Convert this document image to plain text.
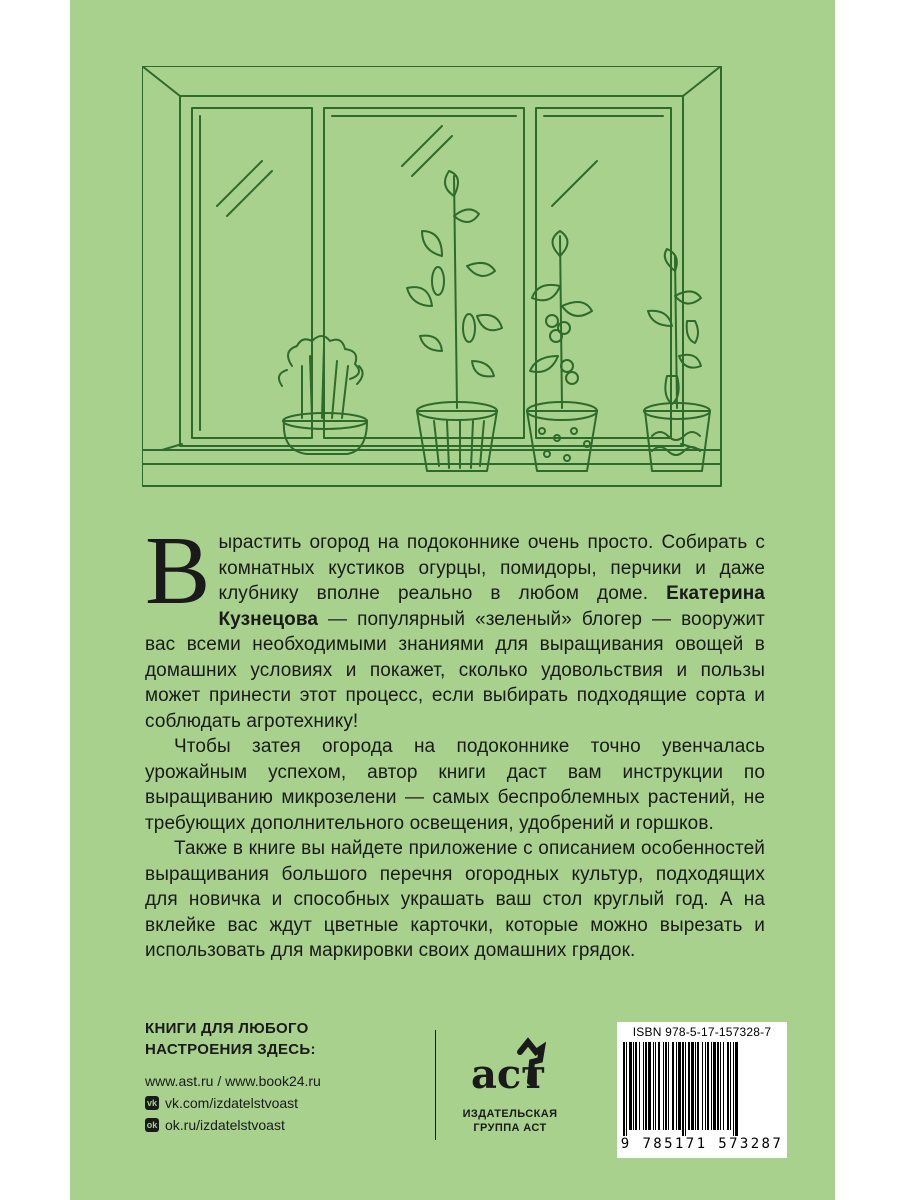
Вырастить огород на подоконнике очень просто. Собирать с комнатных кустиков огурцы, помидоры, перчики и даже клубнику вполне реально в любом доме. Екатерина Кузнецова — популярный «зеленый» блогер — вооружит вас всеми необходимыми знаниями для выращивания овощей в домашних условиях и покажет, сколько удовольствия и пользы может принести этот процесс, если выбирать подходящие сорта и соблюдать агротехнику!

Чтобы затея огорода на подоконнике точно увенчалась урожайным успехом, автор книги даст вам инструкции по выращиванию микрозелени — самых беспроблемных растений, не требующих дополнительного освещения, удобрений и горшков.

Также в книге вы найдете приложение с описанием особенностей выращивания большого перечня огородных культур, подходящих для новичка и способных украшать ваш стол круглый год. А на вклейке вас ждут цветные карточки, которые можно вырезать и использовать для маркировки своих домашних грядок.

КНИГИ ДЛЯ ЛЮБОГО
НАСТРОЕНИЯ ЗДЕСЬ:
www.ast.ru / www.book24.ru
vk vk.com/izdatelstvoast
ok ok.ru/izdatelstvoast
аст
ИЗДАТЕЛЬСКАЯ
ГРУППА АСТ
ISBN 978-5-17-157328-7
9 785171 573287
